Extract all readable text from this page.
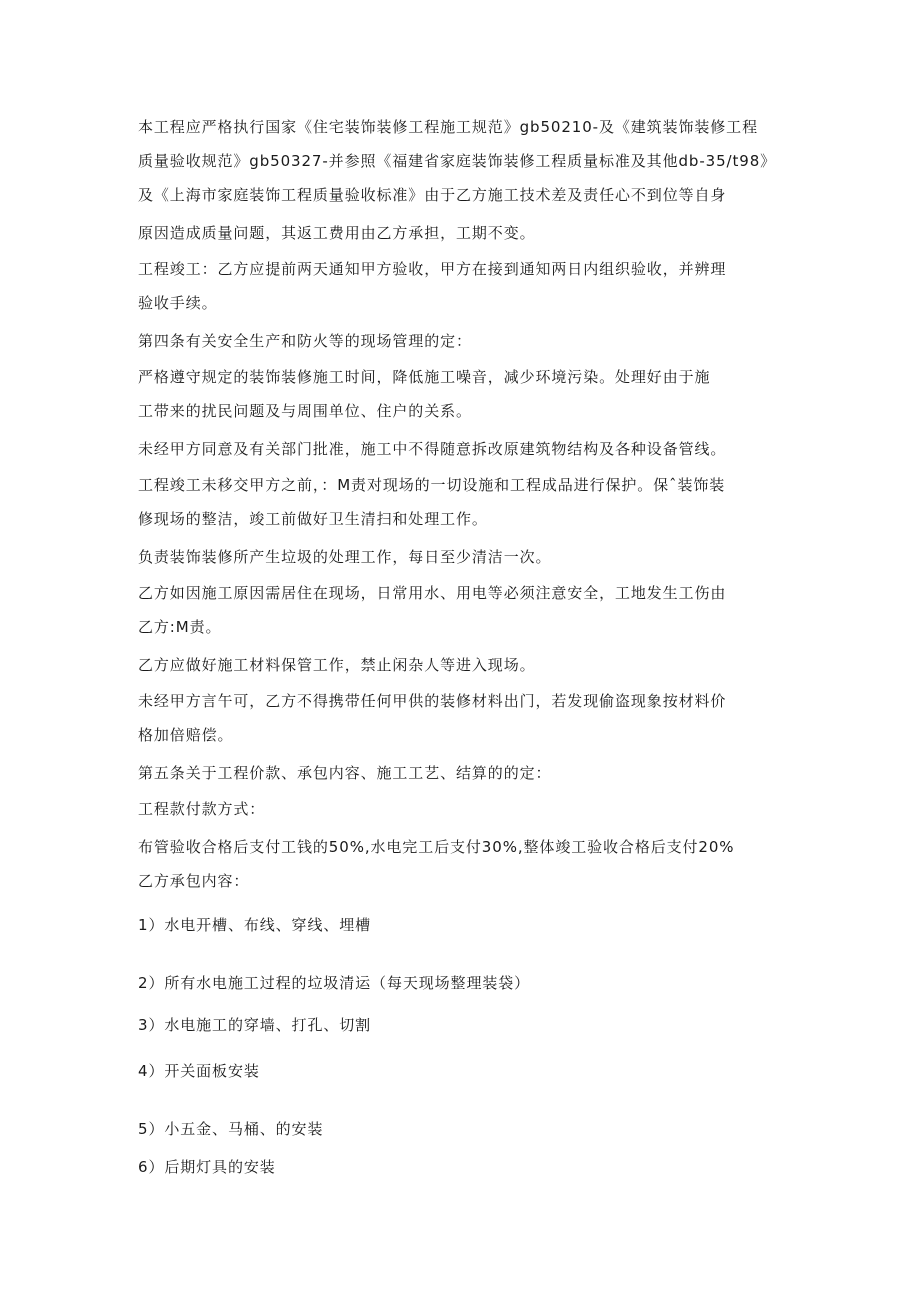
本工程应严格执行国家《住宅装饰装修工程施工规范》gb50210-及《建筑装饰装修工程

质量验收规范》gb50327-并参照《福建省家庭装饰装修工程质量标准及其他db-35/t98》

及《上海市家庭装饰工程质量验收标准》由于乙方施工技术差及责任心不到位等自身

原因造成质量问题，其返工费用由乙方承担，工期不变。

工程竣工：乙方应提前两天通知甲方验收，甲方在接到通知两日内组织验收，并辨理

验收手续。

第四条有关安全生产和防火等的现场管理的定：

严格遵守规定的装饰装修施工时间，降低施工噪音，减少环境污染。处理好由于施

工带来的扰民问题及与周围单位、住户的关系。

未经甲方同意及有关部门批准，施工中不得随意拆改原建筑物结构及各种设备管线。

工程竣工未移交甲方之前，：M责对现场的一切设施和工程成品进行保护。保ˆ装饰装

修现场的整洁，竣工前做好卫生清扫和处理工作。

负责装饰装修所产生垃圾的处理工作，每日至少清洁一次。

乙方如因施工原因需居住在现场，日常用水、用电等必须注意安全，工地发生工伤由

乙方:M责。

乙方应做好施工材料保管工作，禁止闲杂人等进入现场。

未经甲方言午可，乙方不得携带任何甲供的装修材料出门，若发现偷盗现象按材料价

格加倍赔偿。

第五条关于工程价款、承包内容、施工工艺、结算的的定：

工程款付款方式：

布管验收合格后支付工钱的50%,水电完工后支付30%,整体竣工验收合格后支付20%

乙方承包内容：

1）水电开槽、布线、穿线、埋槽

2）所有水电施工过程的垃圾清运（每天现场整理装袋）

3）水电施工的穿墙、打孔、切割

4）开关面板安装

5）小五金、马桶、的安装

6）后期灯具的安装
